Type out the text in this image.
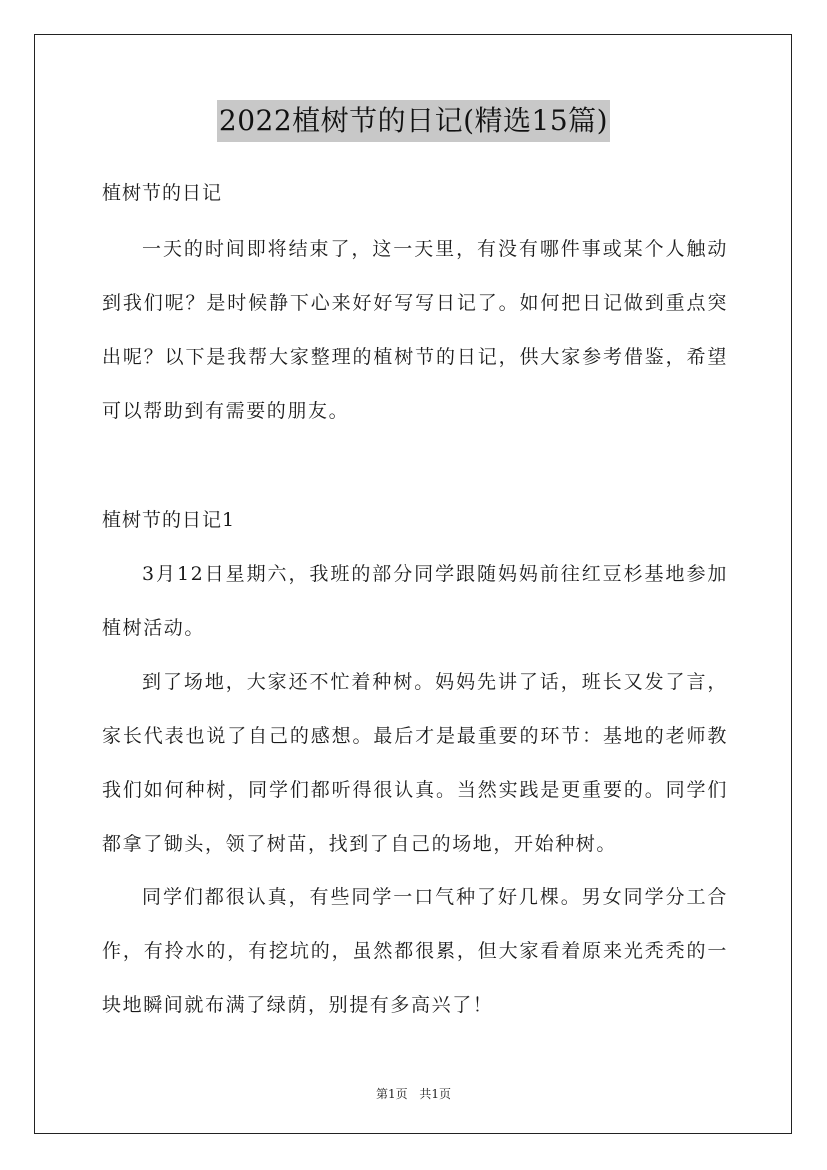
2022植树节的日记(精选15篇)
植树节的日记

一天的时间即将结束了，这一天里，有没有哪件事或某个人触动到我们呢？是时候静下心来好好写写日记了。如何把日记做到重点突出呢？以下是我帮大家整理的植树节的日记，供大家参考借鉴，希望可以帮助到有需要的朋友。

植树节的日记1

3月12日星期六，我班的部分同学跟随妈妈前往红豆杉基地参加植树活动。

到了场地，大家还不忙着种树。妈妈先讲了话，班长又发了言，家长代表也说了自己的感想。最后才是最重要的环节：基地的老师教我们如何种树，同学们都听得很认真。当然实践是更重要的。同学们都拿了锄头，领了树苗，找到了自己的场地，开始种树。

同学们都很认真，有些同学一口气种了好几棵。男女同学分工合作，有拎水的，有挖坑的，虽然都很累，但大家看着原来光秃秃的一块地瞬间就布满了绿荫，别提有多高兴了！

第1页 共1页
